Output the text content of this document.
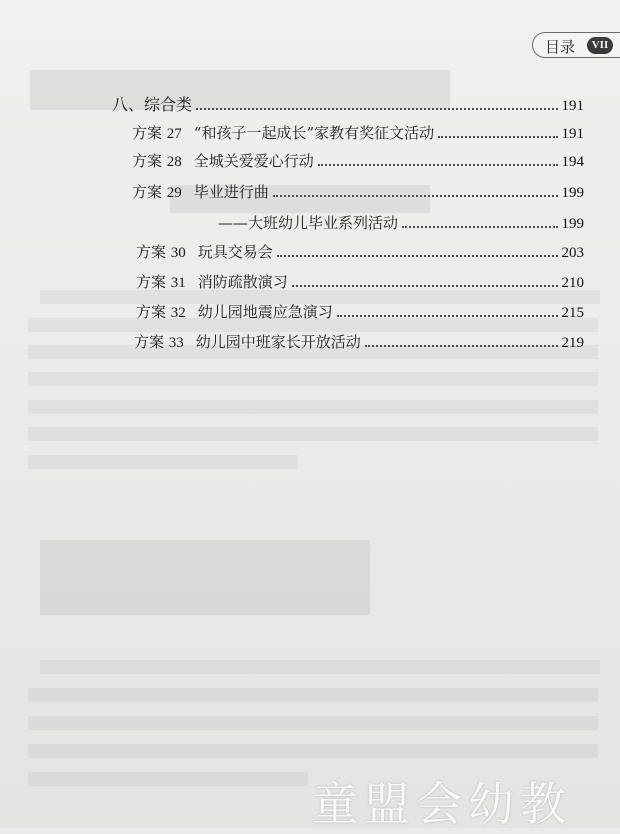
目录	VII
八、综合类	191
方案 27 “和孩子一起成长”家教有奖征文活动	191
方案 28 全城关爱爱心行动	194
方案 29 毕业进行曲	199
——大班幼儿毕业系列活动	199
方案 30 玩具交易会	203
方案 31 消防疏散演习	210
方案 32 幼儿园地震应急演习	215
方案 33 幼儿园中班家长开放活动	219
童盟会幼教
